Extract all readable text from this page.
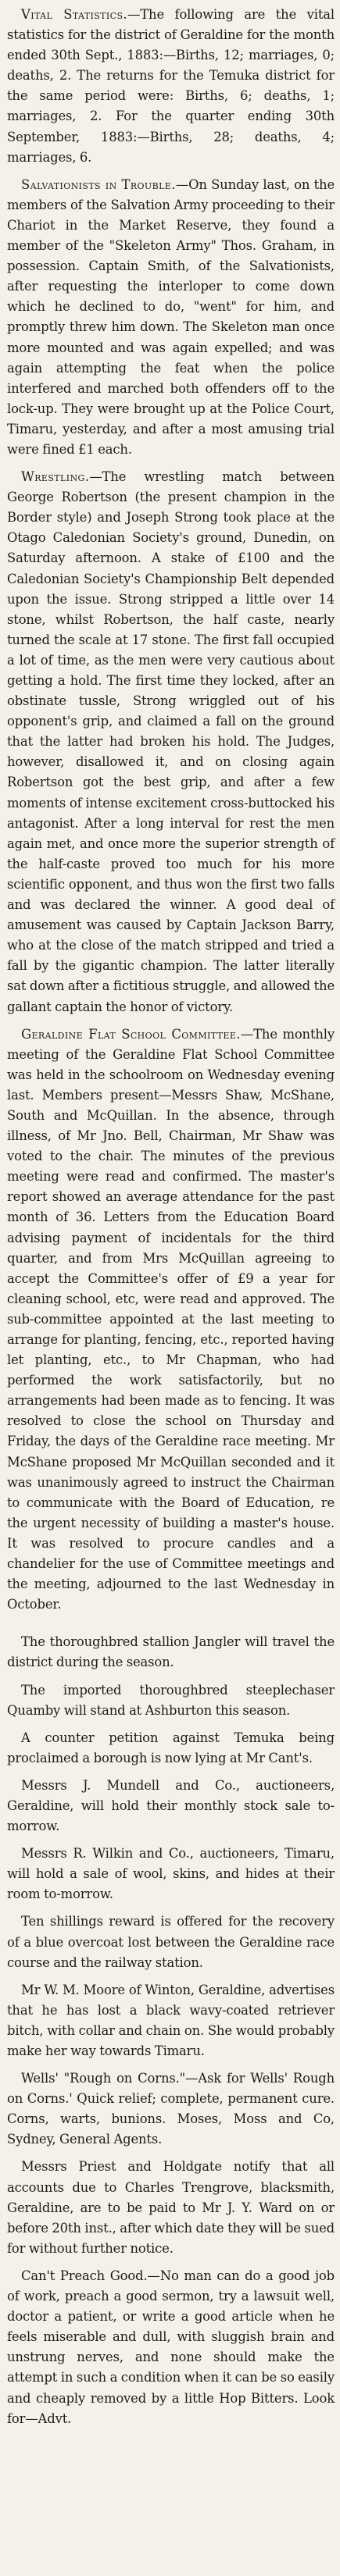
Vital Statistics.—The following are the vital statistics for the district of Geraldine for the month ended 30th Sept., 1883:—Births, 12; marriages, 0; deaths, 2. The returns for the Temuka district for the same period were: Births, 6; deaths, 1; marriages, 2. For the quarter ending 30th September, 1883:—Births, 28; deaths, 4; marriages, 6.

Salvationists in Trouble.—On Sunday last, on the members of the Salvation Army proceeding to their Chariot in the Market Reserve, they found a member of the "Skeleton Army" Thos. Graham, in possession. Captain Smith, of the Salvationists, after requesting the interloper to come down which he declined to do, "went" for him, and promptly threw him down. The Skeleton man once more mounted and was again expelled; and was again attempting the feat when the police interfered and marched both offenders off to the lock-up. They were brought up at the Police Court, Timaru, yesterday, and after a most amusing trial were fined £1 each.

Wrestling.—The wrestling match between George Robertson (the present champion in the Border style) and Joseph Strong took place at the Otago Caledonian Society's ground, Dunedin, on Saturday afternoon. A stake of £100 and the Caledonian Society's Championship Belt depended upon the issue. Strong stripped a little over 14 stone, whilst Robertson, the half caste, nearly turned the scale at 17 stone. The first fall occupied a lot of time, as the men were very cautious about getting a hold. The first time they locked, after an obstinate tussle, Strong wriggled out of his opponent's grip, and claimed a fall on the ground that the latter had broken his hold. The Judges, however, disallowed it, and on closing again Robertson got the best grip, and after a few moments of intense excitement cross-buttocked his antagonist. After a long interval for rest the men again met, and once more the superior strength of the half-caste proved too much for his more scientific opponent, and thus won the first two falls and was declared the winner. A good deal of amusement was caused by Captain Jackson Barry, who at the close of the match stripped and tried a fall by the gigantic champion. The latter literally sat down after a fictitious struggle, and allowed the gallant captain the honor of victory.

Geraldine Flat School Committee.—The monthly meeting of the Geraldine Flat School Committee was held in the schoolroom on Wednesday evening last. Members present—Messrs Shaw, McShane, South and McQuillan. In the absence, through illness, of Mr Jno. Bell, Chairman, Mr Shaw was voted to the chair. The minutes of the previous meeting were read and confirmed. The master's report showed an average attendance for the past month of 36. Letters from the Education Board advising payment of incidentals for the third quarter, and from Mrs McQuillan agreeing to accept the Committee's offer of £9 a year for cleaning school, etc, were read and approved. The sub-committee appointed at the last meeting to arrange for planting, fencing, etc., reported having let planting, etc., to Mr Chapman, who had performed the work satisfactorily, but no arrangements had been made as to fencing. It was resolved to close the school on Thursday and Friday, the days of the Geraldine race meeting. Mr McShane proposed Mr McQuillan seconded and it was unanimously agreed to instruct the Chairman to communicate with the Board of Education, re the urgent necessity of building a master's house. It was resolved to procure candles and a chandelier for the use of Committee meetings and the meeting, adjourned to the last Wednesday in October.

The thoroughbred stallion Jangler will travel the district during the season.

The imported thoroughbred steeplechaser Quamby will stand at Ashburton this season.

A counter petition against Temuka being proclaimed a borough is now lying at Mr Cant's.

Messrs J. Mundell and Co., auctioneers, Geraldine, will hold their monthly stock sale to-morrow.

Messrs R. Wilkin and Co., auctioneers, Timaru, will hold a sale of wool, skins, and hides at their room to-morrow.

Ten shillings reward is offered for the recovery of a blue overcoat lost between the Geraldine race course and the railway station.

Mr W. M. Moore of Winton, Geraldine, advertises that he has lost a black wavy-coated retriever bitch, with collar and chain on. She would probably make her way towards Timaru.

Wells' "Rough on Corns."—Ask for Wells' Rough on Corns.' Quick relief; complete, permanent cure. Corns, warts, bunions. Moses, Moss and Co, Sydney, General Agents.

Messrs Priest and Holdgate notify that all accounts due to Charles Trengrove, blacksmith, Geraldine, are to be paid to Mr J. Y. Ward on or before 20th inst., after which date they will be sued for without further notice.

Can't Preach Good.—No man can do a good job of work, preach a good sermon, try a lawsuit well, doctor a patient, or write a good article when he feels miserable and dull, with sluggish brain and unstrung nerves, and none should make the attempt in such a condition when it can be so easily and cheaply removed by a little Hop Bitters. Look for—Advt.
